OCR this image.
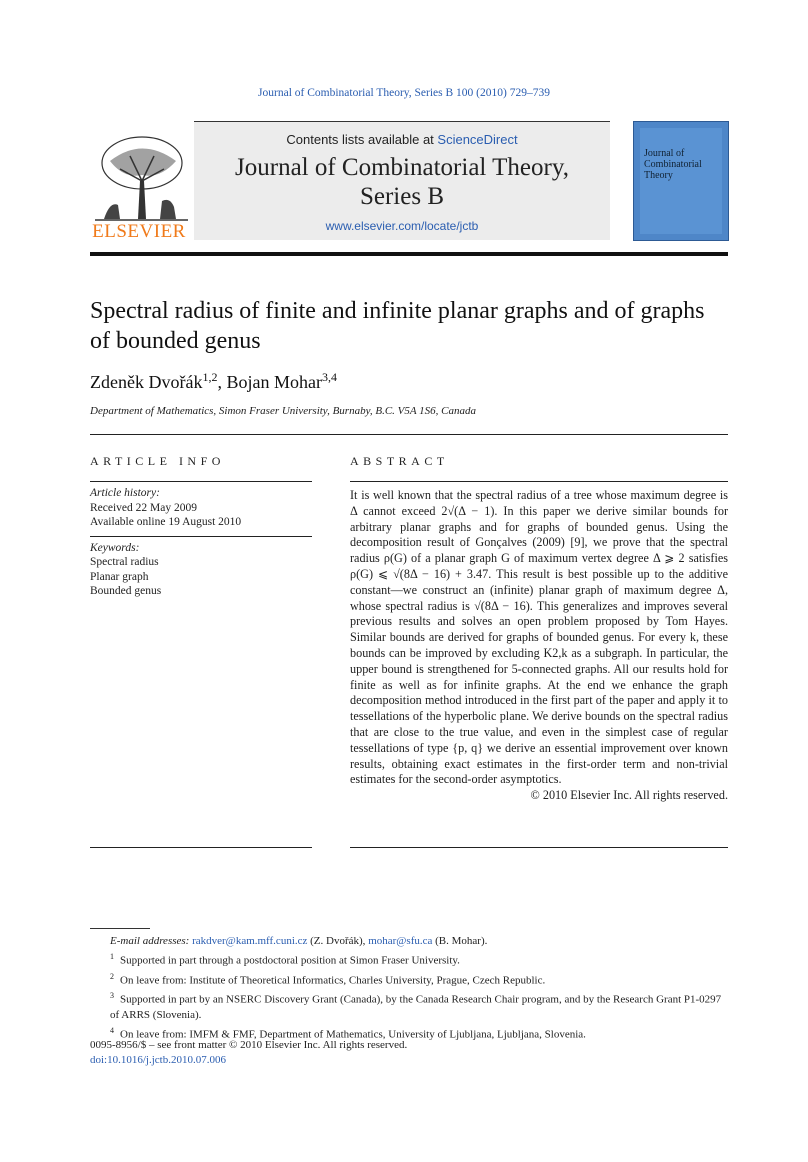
Journal of Combinatorial Theory, Series B 100 (2010) 729–739
ELSEVIER
Contents lists available at ScienceDirect
Journal of Combinatorial Theory,
Series B
www.elsevier.com/locate/jctb
Journal of Combinatorial Theory
Spectral radius of finite and infinite planar graphs and of graphs of bounded genus
Zdeněk Dvořák$^{1,2}$, Bojan Mohar$^{3,4}$
Department of Mathematics, Simon Fraser University, Burnaby, B.C. V5A 1S6, Canada
ARTICLE INFO	ABSTRACT
Article history:
Received 22 May 2009
Available online 19 August 2010
Keywords:
Spectral radius
Planar graph
Bounded genus

It is well known that the spectral radius of a tree whose maximum degree is Δ cannot exceed 2√(Δ − 1). In this paper we derive similar bounds for arbitrary planar graphs and for graphs of bounded genus. Using the decomposition result of Gonçalves (2009) [9], we prove that the spectral radius ρ(G) of a planar graph G of maximum vertex degree Δ ⩾ 2 satisfies ρ(G) ⩽ √(8Δ − 16) + 3.47. This result is best possible up to the additive constant—we construct an (infinite) planar graph of maximum degree Δ, whose spectral radius is √(8Δ − 16). This generalizes and improves several previous results and solves an open problem proposed by Tom Hayes. Similar bounds are derived for graphs of bounded genus. For every k, these bounds can be improved by excluding K2,k as a subgraph. In particular, the upper bound is strengthened for 5-connected graphs. All our results hold for finite as well as for infinite graphs. At the end we enhance the graph decomposition method introduced in the first part of the paper and apply it to tessellations of the hyperbolic plane. We derive bounds on the spectral radius that are close to the true value, and even in the simplest case of regular tessellations of type {p, q} we derive an essential improvement over known results, obtaining exact estimates in the first-order term and non-trivial estimates for the second-order asymptotics.

© 2010 Elsevier Inc. All rights reserved.

E-mail addresses: rakdver@kam.mff.cuni.cz (Z. Dvořák), mohar@sfu.ca (B. Mohar).

$^1$ Supported in part through a postdoctoral position at Simon Fraser University.

$^2$ On leave from: Institute of Theoretical Informatics, Charles University, Prague, Czech Republic.

$^3$ Supported in part by an NSERC Discovery Grant (Canada), by the Canada Research Chair program, and by the Research Grant P1-0297 of ARRS (Slovenia).

$^4$ On leave from: IMFM & FMF, Department of Mathematics, University of Ljubljana, Ljubljana, Slovenia.

0095-8956/$ – see front matter © 2010 Elsevier Inc. All rights reserved.
doi:10.1016/j.jctb.2010.07.006
